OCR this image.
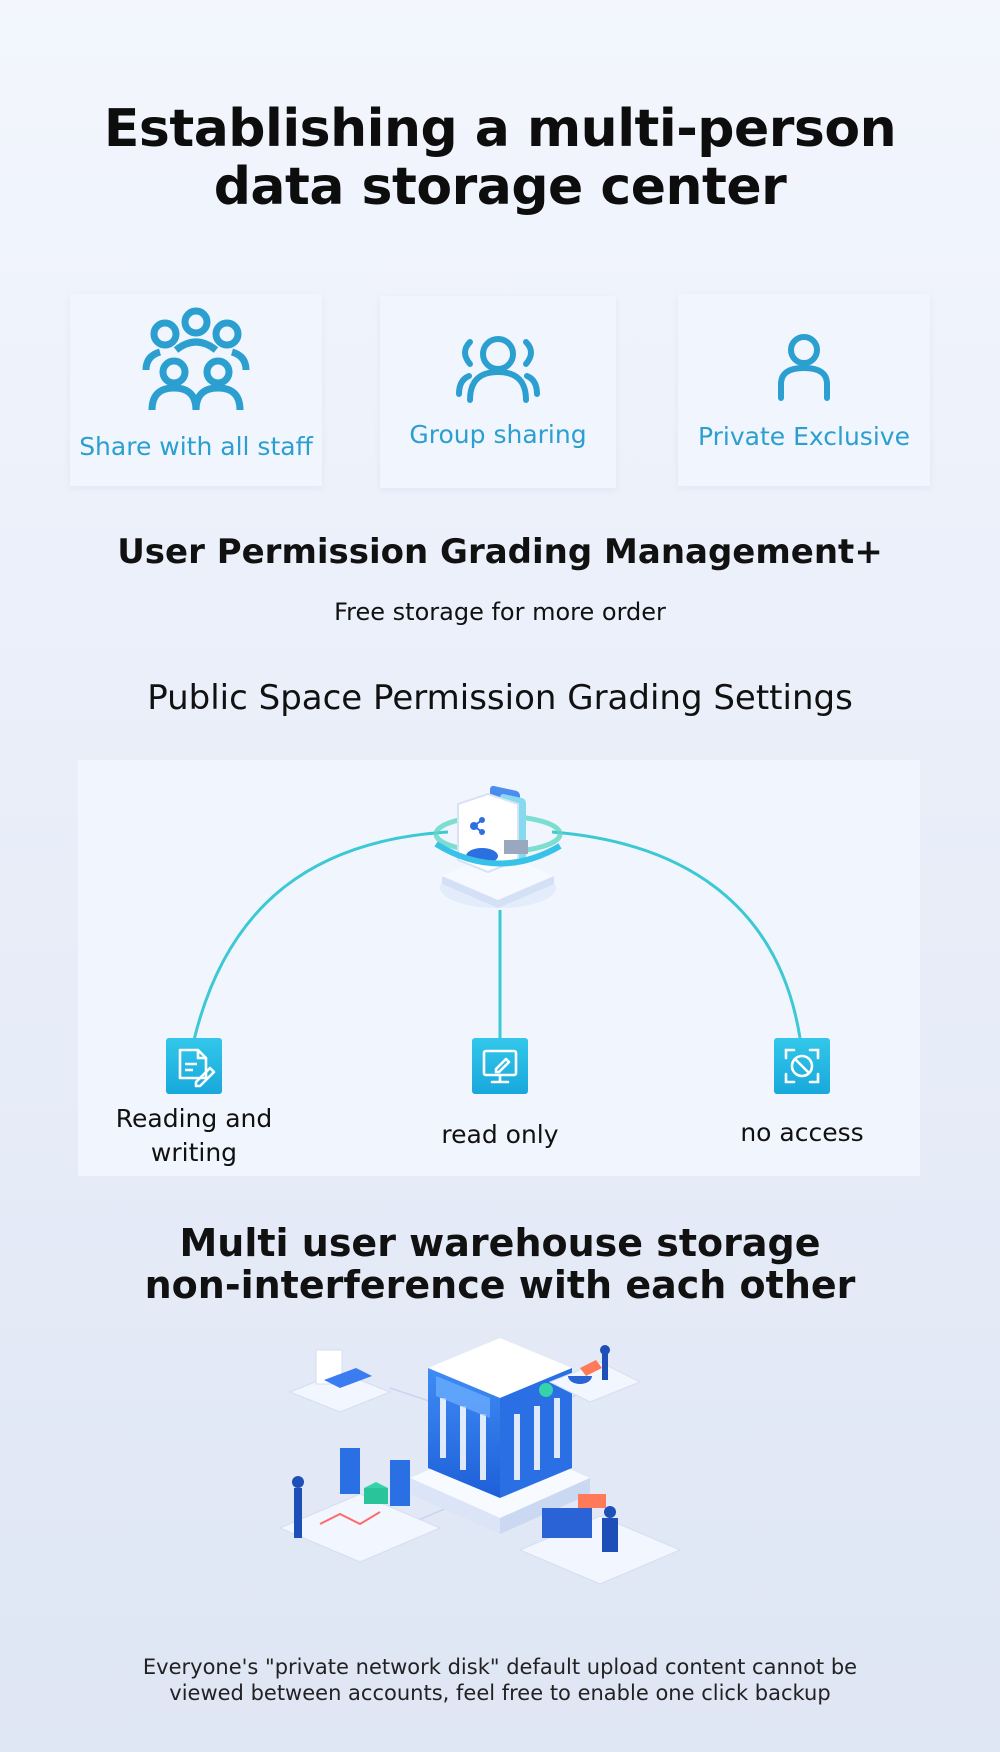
Establishing a multi-person
data storage center
Share with all staff	Group sharing	Private Exclusive
User Permission Grading Management+
Free storage for more order
Public Space Permission Grading Settings
Reading and
writing
read only	no access
Multi user warehouse storage
non-interference with each other
Everyone's "private network disk" default upload content cannot be
viewed between accounts, feel free to enable one click backup
